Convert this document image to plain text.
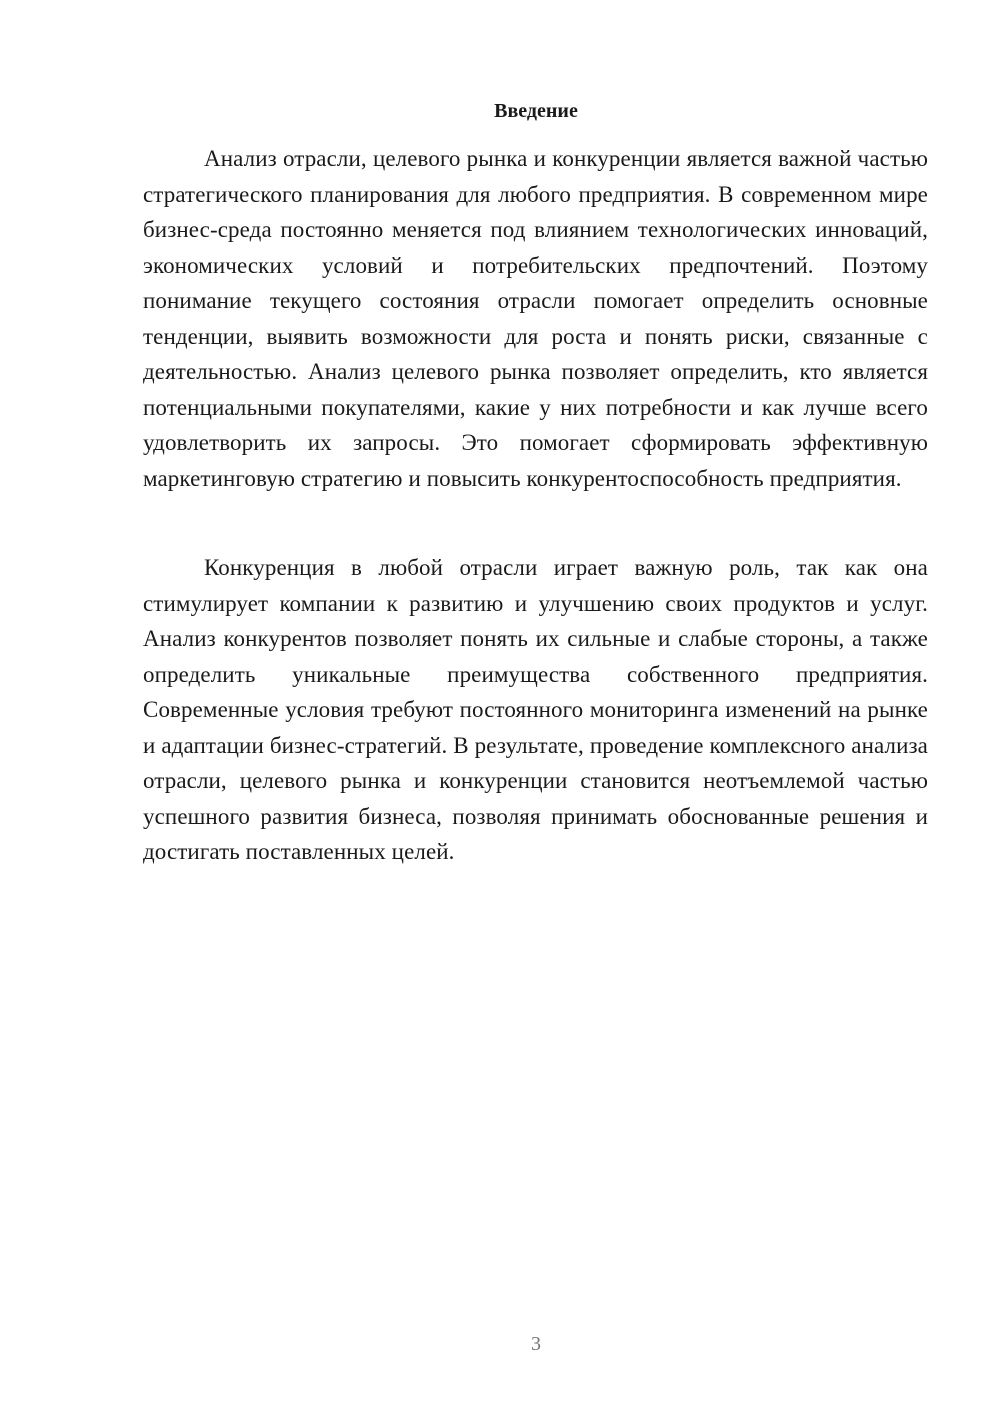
Введение

Анализ отрасли, целевого рынка и конкуренции является важной частью стратегического планирования для любого предприятия. В современном мире бизнес-среда постоянно меняется под влиянием технологических инноваций, экономических условий и потребительских предпочтений. Поэтому понимание текущего состояния отрасли помогает определить основные тенденции, выявить возможности для роста и понять риски, связанные с деятельностью. Анализ целевого рынка позволяет определить, кто является потенциальными покупателями, какие у них потребности и как лучше всего удовлетворить их запросы. Это помогает сформировать эффективную маркетинговую стратегию и повысить конкурентоспособность предприятия.

Конкуренция в любой отрасли играет важную роль, так как она стимулирует компании к развитию и улучшению своих продуктов и услуг. Анализ конкурентов позволяет понять их сильные и слабые стороны, а также определить уникальные преимущества собственного предприятия. Современные условия требуют постоянного мониторинга изменений на рынке и адаптации бизнес-стратегий. В результате, проведение комплексного анализа отрасли, целевого рынка и конкуренции становится неотъемлемой частью успешного развития бизнеса, позволяя принимать обоснованные решения и достигать поставленных целей.

3
